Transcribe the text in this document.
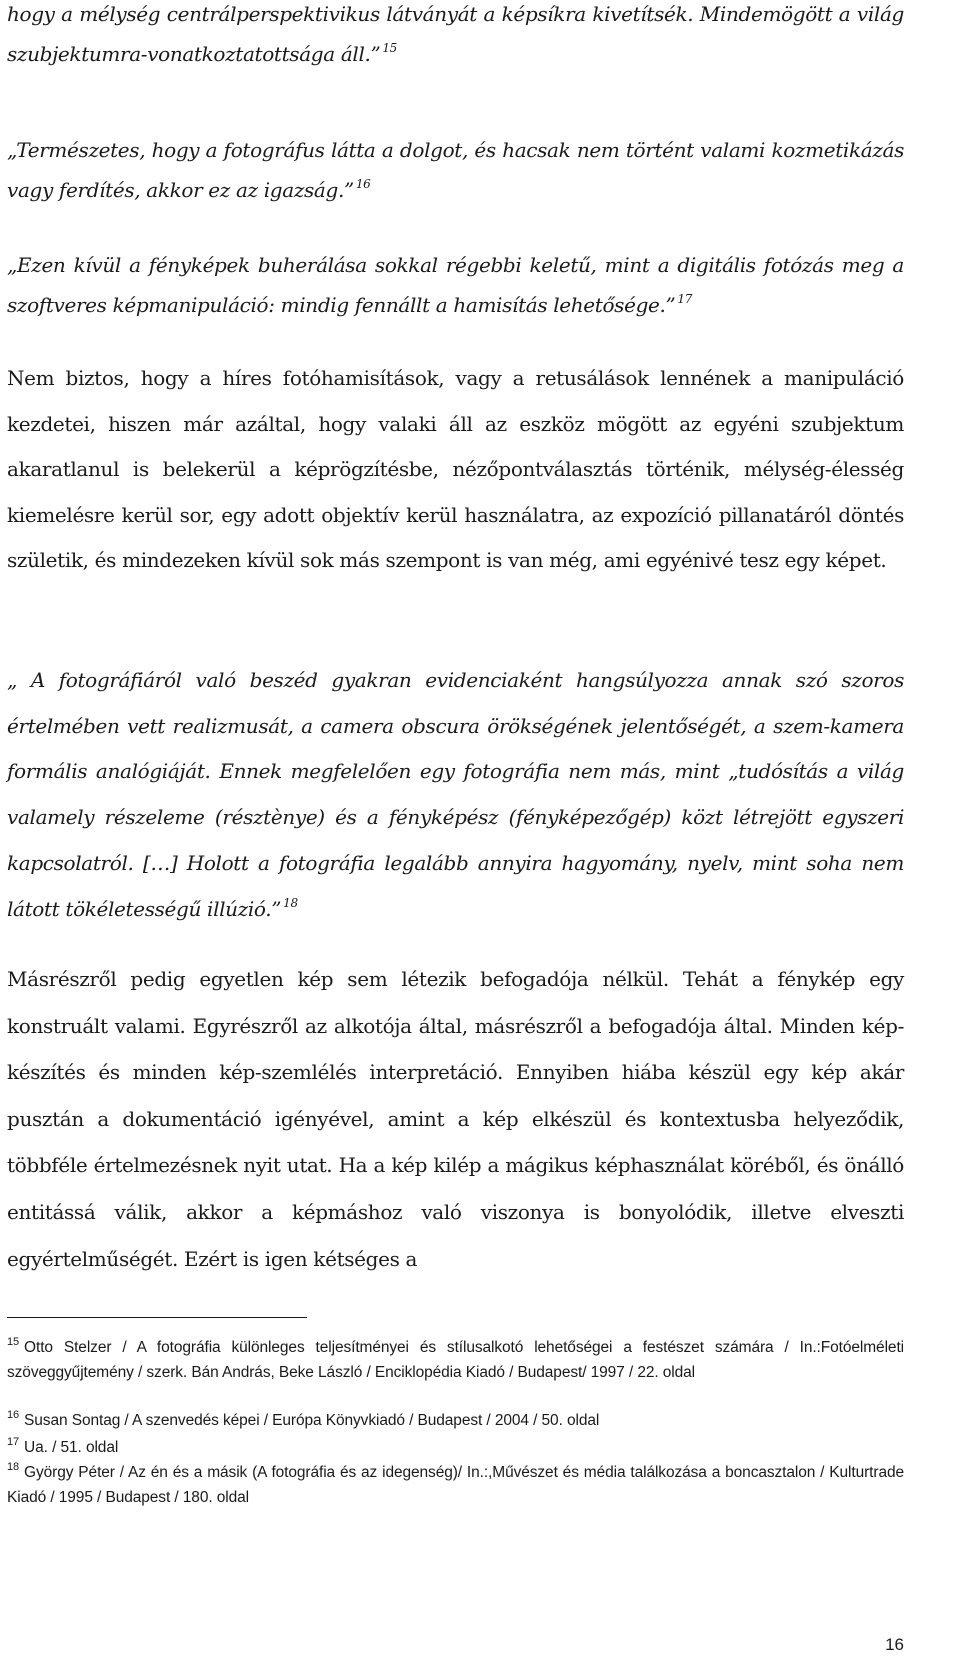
hogy a mélység centrálperspektivikus látványát a képsíkra kivetítsék. Mindemögött a világ szubjektumra-vonatkoztatottsága áll.” $^{15}$

„Természetes, hogy a fotográfus látta a dolgot, és hacsak nem történt valami kozmetikázás vagy ferdítés, akkor ez az igazság.” $^{16}$

„Ezen kívül a fényképek buherálása sokkal régebbi keletű, mint a digitális fotózás meg a szoftveres képmanipuláció: mindig fennállt a hamisítás lehetősége.” $^{17}$

Nem biztos, hogy a híres fotóhamisítások, vagy a retusálások lennének a manipuláció kezdetei, hiszen már azáltal, hogy valaki áll az eszköz mögött az egyéni szubjektum akaratlanul is belekerül a képrögzítésbe, nézőpontválasztás történik, mélység-élesség kiemelésre kerül sor, egy adott objektív kerül használatra, az expozíció pillanatáról döntés születik, és mindezeken kívül sok más szempont is van még, ami egyénivé tesz egy képet.

„ A fotográfiáról való beszéd gyakran evidenciaként hangsúlyozza annak szó szoros értelmében vett realizmusát, a camera obscura örökségének jelentőségét, a szem-kamera formális analógiáját. Ennek megfelelően egy fotográfia nem más, mint „tudósítás a világ valamely részeleme (résztènye) és a fényképész (fényképezőgép) közt létrejött egyszeri kapcsolatról. […] Holott a fotográfia legalább annyira hagyomány, nyelv, mint soha nem látott tökéletességű illúzió.” $^{18}$

Másrészről pedig egyetlen kép sem létezik befogadója nélkül. Tehát a fénykép egy konstruált valami. Egyrészről az alkotója által, másrészről a befogadója által. Minden kép-készítés és minden kép-szemlélés interpretáció. Ennyiben hiába készül egy kép akár pusztán a dokumentáció igényével, amint a kép elkészül és kontextusba helyeződik, többféle értelmezésnek nyit utat. Ha a kép kilép a mágikus képhasználat köréből, és önálló entitássá válik, akkor a képmáshoz való viszonya is bonyolódik, illetve elveszti egyértelműségét. Ezért is igen kétséges a

$^{15}$ Otto Stelzer / A fotográfia különleges teljesítményei és stílusalkotó lehetőségei a festészet számára / In.:Fotóelméleti szöveggyűjtemény / szerk. Bán András, Beke László / Enciklopédia Kiadó / Budapest/ 1997 / 22. oldal

$^{16}$ Susan Sontag / A szenvedés képei / Európa Könyvkiadó / Budapest / 2004 / 50. oldal

$^{17}$ Ua. / 51. oldal

$^{18}$ György Péter / Az én és a másik (A fotográfia és az idegenség)/ In.:,Művészet és média találkozása a boncasztalon / Kulturtrade Kiadó / 1995 / Budapest / 180. oldal

16
